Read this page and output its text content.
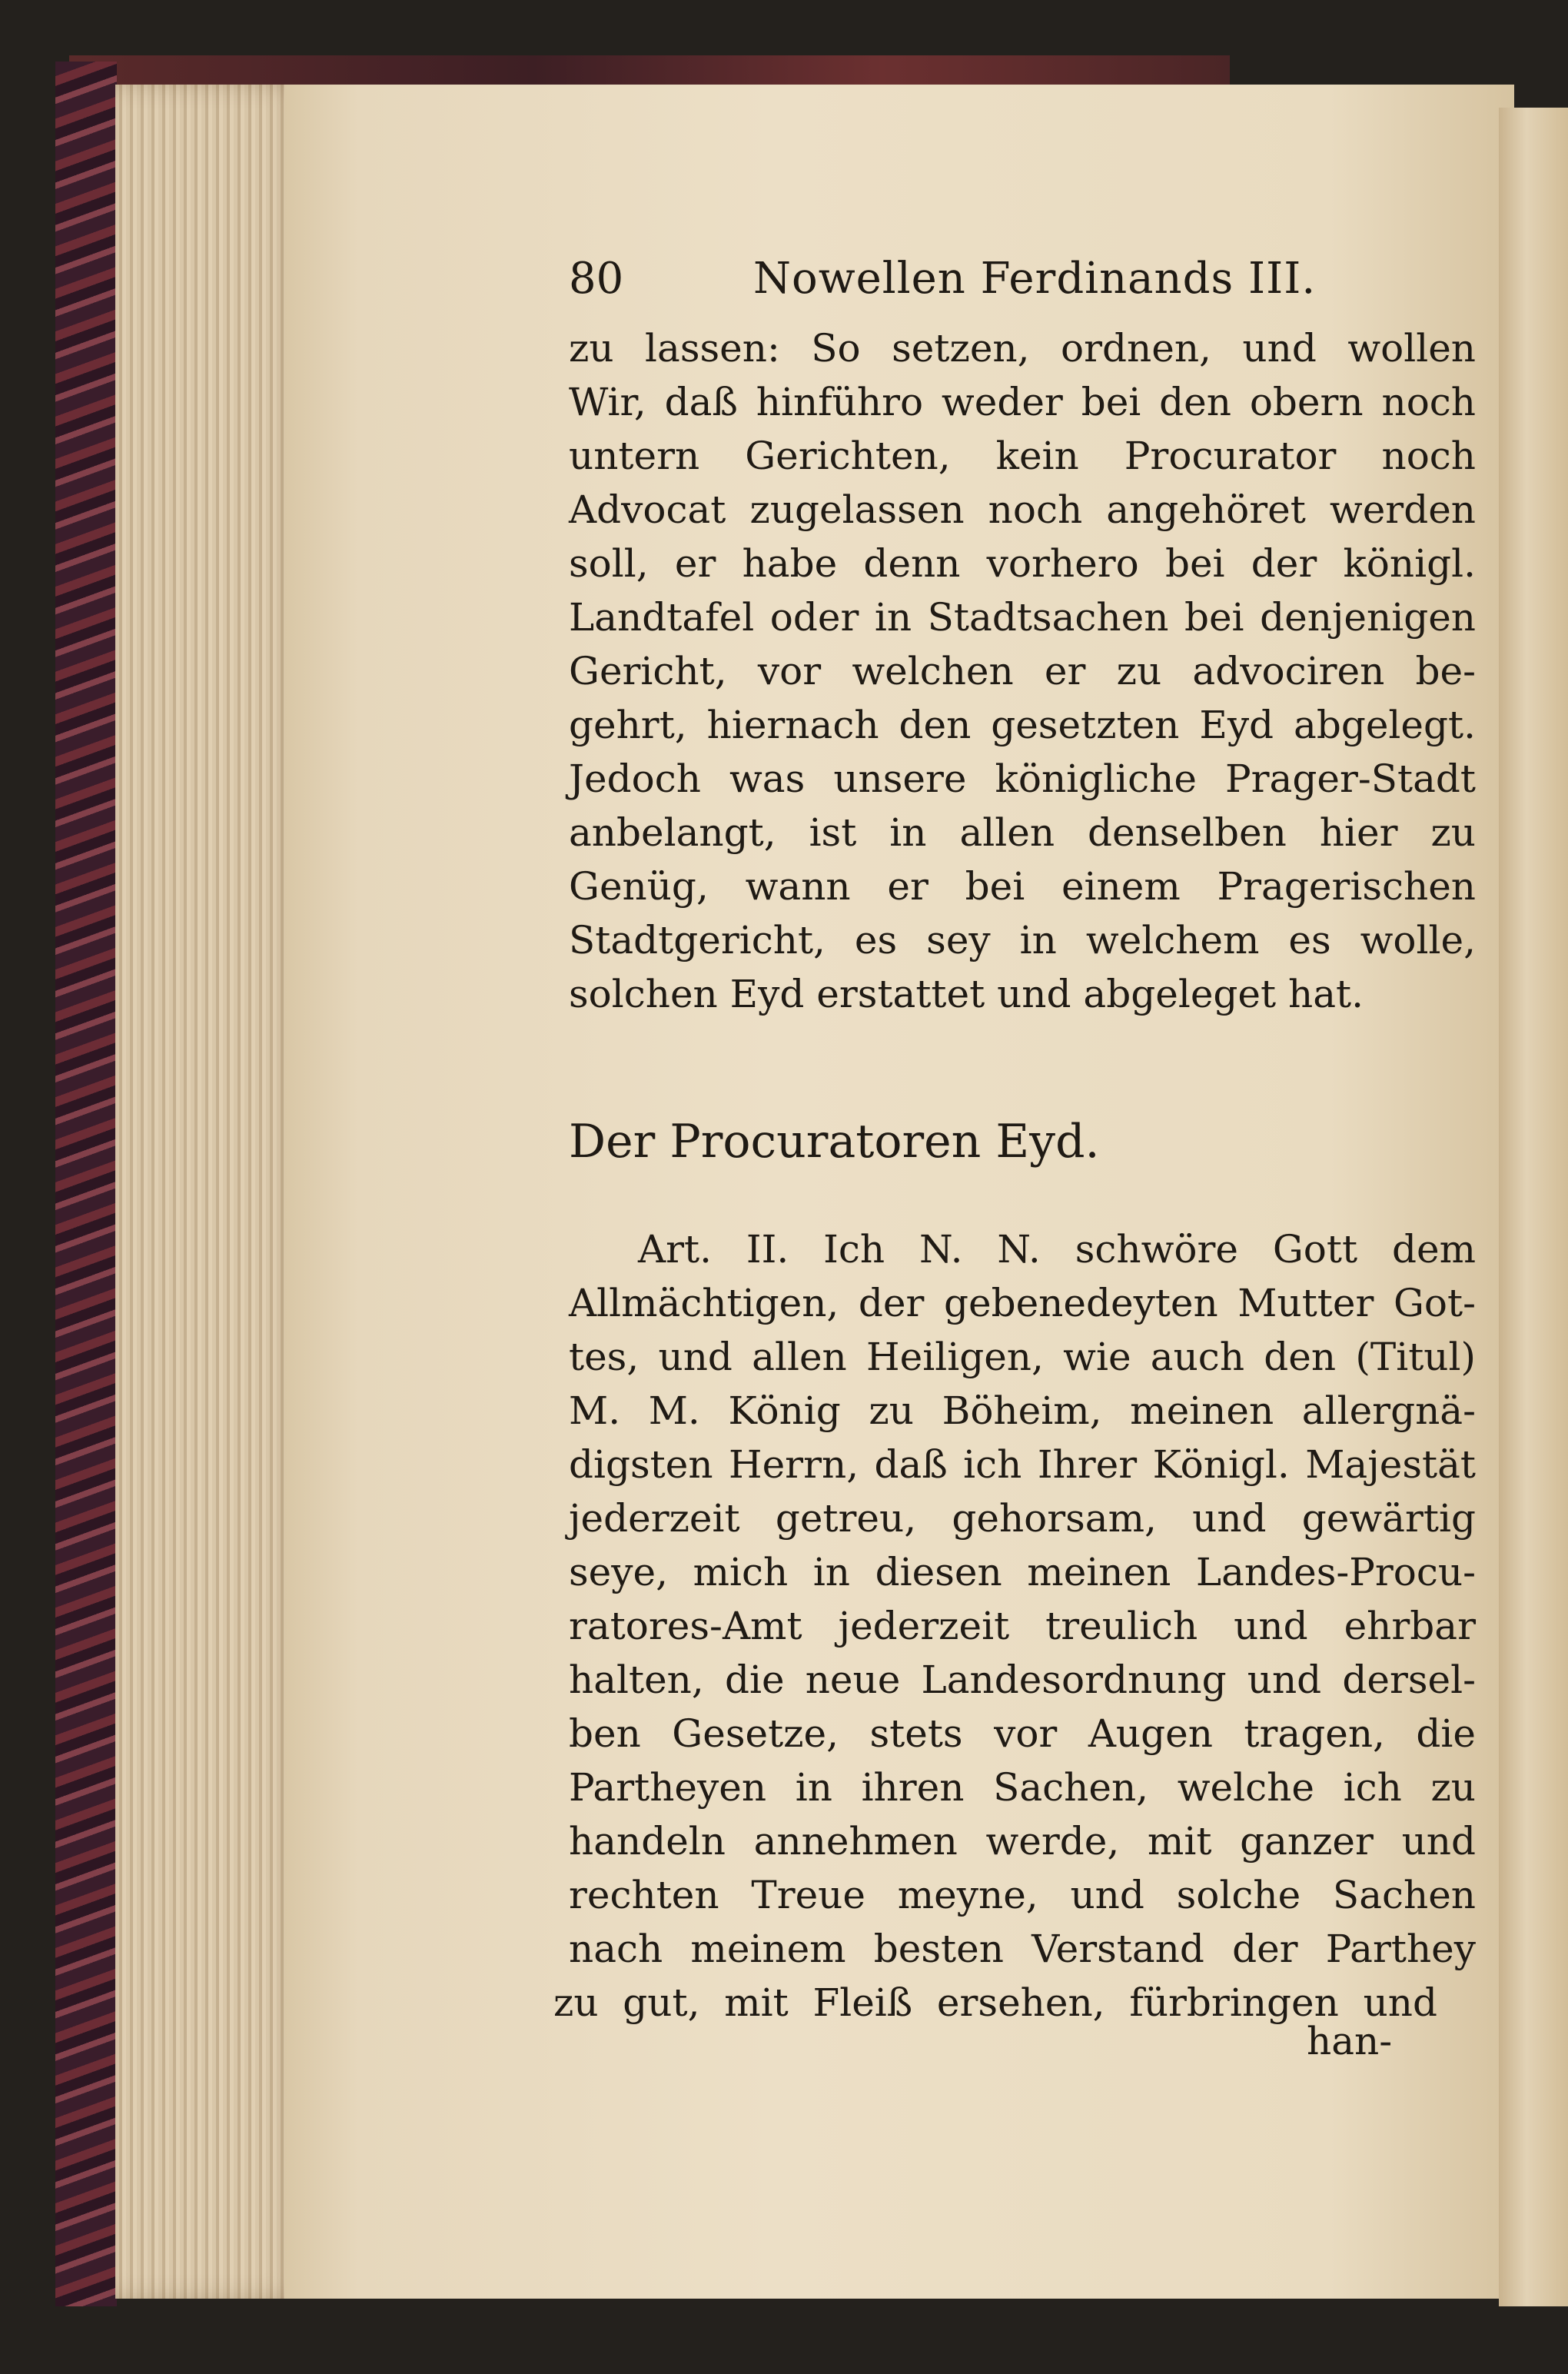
80	Nowellen Ferdinands III.
zu lassen: So setzen, ordnen, und wollen
Wir, daß hinführo weder bei den obern noch
untern Gerichten, kein Procurator noch
Advocat zugelassen noch angehöret werden
soll, er habe denn vorhero bei der königl.
Landtafel oder in Stadtsachen bei denjenigen
Gericht, vor welchen er zu advociren be-
gehrt, hiernach den gesetzten Eyd abgelegt.
Jedoch was unsere königliche Prager-Stadt
anbelangt, ist in allen denselben hier zu
Genüg, wann er bei einem Pragerischen
Stadtgericht, es sey in welchem es wolle,
solchen Eyd erstattet und abgeleget hat.
Der Procuratoren Eyd.
Art. II. Ich N. N. schwöre Gott dem
Allmächtigen, der gebenedeyten Mutter Got-
tes, und allen Heiligen, wie auch den (Titul)
M. M. König zu Böheim, meinen allergnä-
digsten Herrn, daß ich Ihrer Königl. Majestät
jederzeit getreu, gehorsam, und gewärtig
seye, mich in diesen meinen Landes-Procu-
ratores-Amt jederzeit treulich und ehrbar
halten, die neue Landesordnung und dersel-
ben Gesetze, stets vor Augen tragen, die
Partheyen in ihren Sachen, welche ich zu
handeln annehmen werde, mit ganzer und
rechten Treue meyne, und solche Sachen
nach meinem besten Verstand der Parthey
zu gut, mit Fleiß ersehen, fürbringen und
han-
